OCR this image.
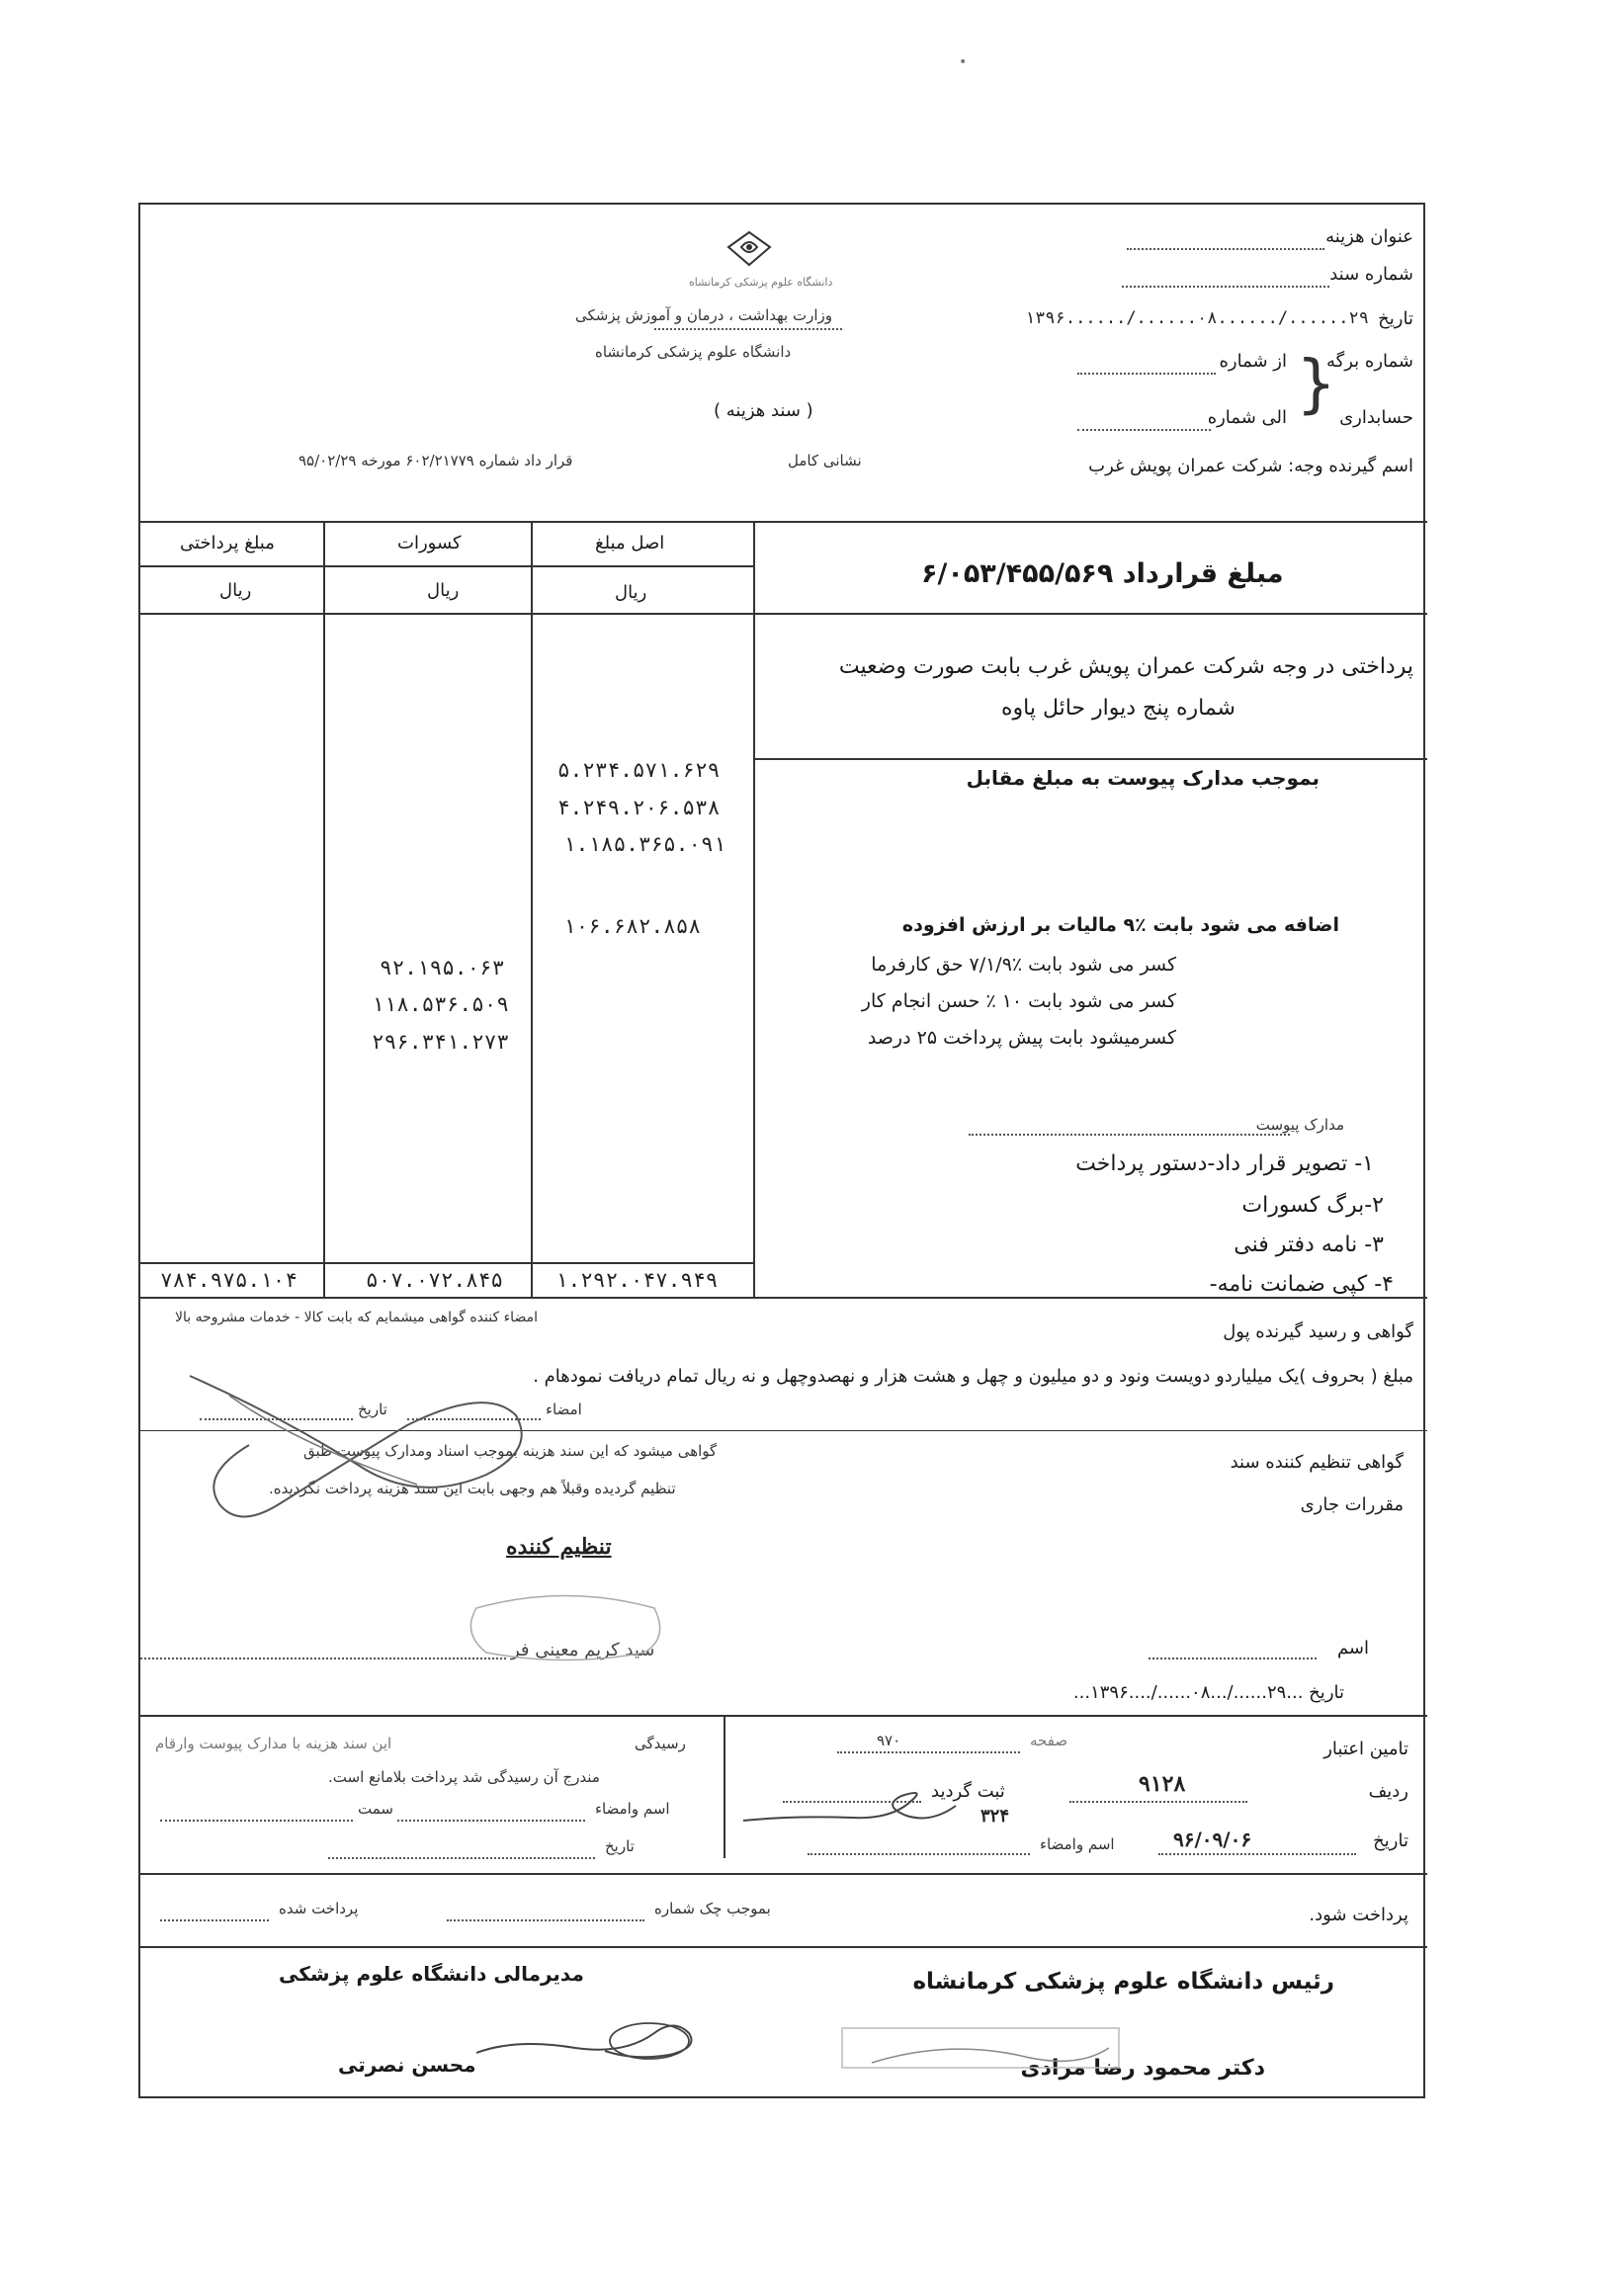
•
دانشگاه علوم پزشکی کرمانشاه
وزارت بهداشت ، درمان و آموزش پزشکی
دانشگاه علوم پزشکی کرمانشاه
( سند هزینه )
عنوان هزینه
شماره سند
تاریخ
۲۹....../......۰۸....../......۱۳۹۶
شماره برگه
حسابداری
{
از شماره
الی شماره
اسم گیرنده وجه: شرکت عمران پویش غرب
نشانی کامل
قرار داد شماره ۶۰۲/۲۱۷۷۹ مورخه ۹۵/۰۲/۲۹
اصل مبلغ
کسورات
مبلغ پرداختی
ریال
ریال
ریال
مبلغ قرارداد ۶/۰۵۳/۴۵۵/۵۶۹
پرداختی در وجه شرکت عمران پویش غرب بابت صورت وضعیت
شماره پنج دیوار حائل پاوه
بموجب مدارک پیوست به مبلغ مقابل
۵.۲۳۴.۵۷۱.۶۲۹
۴.۲۴۹.۲۰۶.۵۳۸
۱.۱۸۵.۳۶۵.۰۹۱
۱۰۶.۶۸۲.۸۵۸
۹۲.۱۹۵.۰۶۳
۱۱۸.۵۳۶.۵۰۹
۲۹۶.۳۴۱.۲۷۳
اضافه می شود بابت ٪۹ مالیات بر ارزش افزوده
کسر می شود بابت ٪۷/۱/۹ حق کارفرما
کسر می شود بابت ۱۰ ٪ حسن انجام کار
کسرمیشود بابت پیش پرداخت ۲۵ درصد
مدارک پیوست
۱- تصویر قرار داد-دستور پرداخت
۲-برگ کسورات
۳- نامه دفتر فنی
۴- کپی ضمانت نامه-
۱.۲۹۲.۰۴۷.۹۴۹
۵۰۷.۰۷۲.۸۴۵
۷۸۴.۹۷۵.۱۰۴
امضاء کننده گواهی میشمایم که بابت کالا - خدمات مشروحه بالا
گواهی و رسید گیرنده پول
مبلغ ( بحروف )یک میلیاردو دویست ونود و دو میلیون و چهل و هشت هزار و نهصدوچهل و نه ریال تمام دریافت نمودهام .
امضاء
تاریخ
گواهی تنظیم کننده سند
گواهی میشود که این سند هزینه بموجب اسناد ومدارک پیوست طبق
مقررات جاری
تنظیم گردیده وقبلاً هم وجهی بابت این سند هزینه پرداخت نگردیده.
تنظیم کننده
اسم
سید کریم معینی فر
تاریخ ...۲۹....../...۰۸....../....۱۳۹۶...
تامین اعتبار
ردیف
۹۱۲۸
صفحه
۹۷۰
ثبت گردید
۳۲۴
تاریخ
۹۶/۰۹/۰۶
اسم وامضاء
رسیدگی
این سند هزینه با مدارک پیوست وارقام
مندرج آن رسیدگی شد پرداخت بلامانع است.
اسم وامضاء
سمت
تاریخ
پرداخت شود.
بموجب چک شماره
پرداخت شده
رئیس دانشگاه علوم پزشکی کرمانشاه
دکتر محمود رضا مرادی
مدیرمالی دانشگاه علوم پزشکی
محسن نصرتی
